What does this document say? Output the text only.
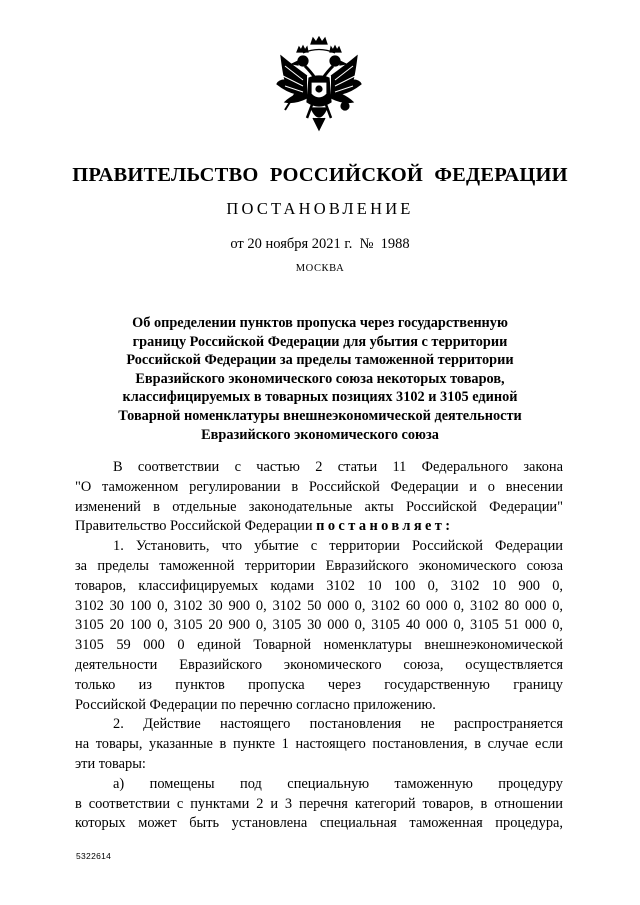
ПРАВИТЕЛЬСТВО РОССИЙСКОЙ ФЕДЕРАЦИИ
ПОСТАНОВЛЕНИЕ
от 20 ноября 2021 г.  №  1988
МОСКВА
Об определении пунктов пропуска через государственную
границу Российской Федерации для убытия с территории
Российской Федерации за пределы таможенной территории
Евразийского экономического союза некоторых товаров,
классифицируемых в товарных позициях 3102 и 3105 единой
Товарной номенклатуры внешнеэкономической деятельности
Евразийского экономического союза
В соответствии с частью 2 статьи 11 Федерального закона
"О таможенном регулировании в Российской Федерации и о внесении
изменений в отдельные законодательные акты Российской Федерации"
Правительство Российской Федерации постановляет:
1. Установить, что убытие с территории Российской Федерации
за пределы таможенной территории Евразийского экономического союза
товаров, классифицируемых кодами 3102 10 100 0, 3102 10 900 0,
3102 30 100 0, 3102 30 900 0, 3102 50 000 0, 3102 60 000 0, 3102 80 000 0,
3105 20 100 0, 3105 20 900 0, 3105 30 000 0, 3105 40 000 0, 3105 51 000 0,
3105 59 000 0 единой Товарной номенклатуры внешнеэкономической
деятельности Евразийского экономического союза, осуществляется
только из пунктов пропуска через государственную границу
Российской Федерации по перечню согласно приложению.
2. Действие настоящего постановления не распространяется
на товары, указанные в пункте 1 настоящего постановления, в случае если
эти товары:
а) помещены под специальную таможенную процедуру
в соответствии с пунктами 2 и 3 перечня категорий товаров, в отношении
которых может быть установлена специальная таможенная процедура,
5322614
